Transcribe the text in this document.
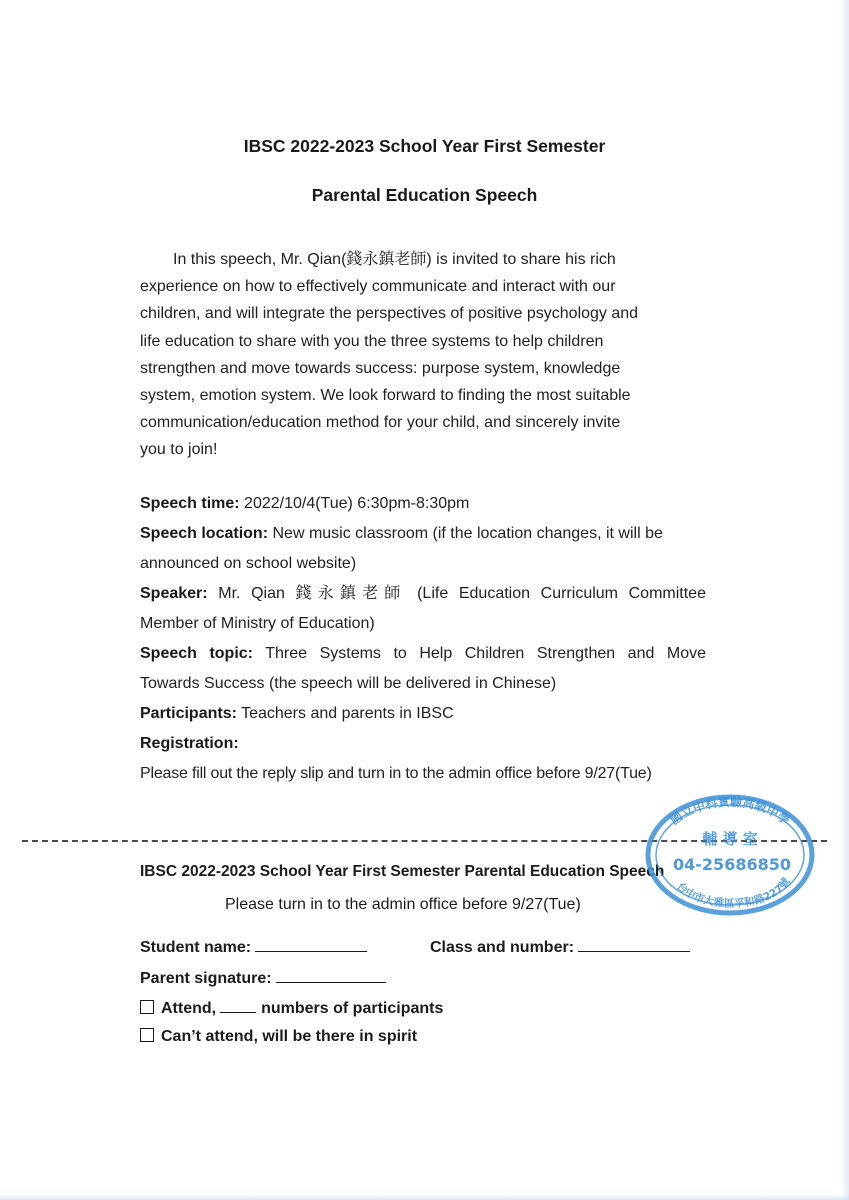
IBSC 2022-2023 School Year First Semester
Parental Education Speech
In this speech, Mr. Qian(錢永鎮老師) is invited to share his rich
experience on how to effectively communicate and interact with our
children, and will integrate the perspectives of positive psychology and
life education to share with you the three systems to help children
strengthen and move towards success: purpose system, knowledge
system, emotion system. We look forward to finding the most suitable
communication/education method for your child, and sincerely invite
you to join!
Speech time: 2022/10/4(Tue) 6:30pm-8:30pm
Speech location: New music classroom (if the location changes, it will be
announced on school website)
Speaker: Mr. Qian 錢永鎮老師 (Life Education Curriculum Committee
Member of Ministry of Education)
Speech topic: Three Systems to Help Children Strengthen and Move
Towards Success (the speech will be delivered in Chinese)
Participants: Teachers and parents in IBSC
Registration:
Please fill out the reply slip and turn in to the admin office before 9/27(Tue)
IBSC 2022-2023 School Year First Semester Parental Education Speech
Please turn in to the admin office before 9/27(Tue)
Student name:	Class and number:
Parent signature:
Attend,	numbers of participants
Can’t attend, will be there in spirit
國立中科實驗高級中學
輔 導 室
04-25686850
台中市大雅區平和路227號
